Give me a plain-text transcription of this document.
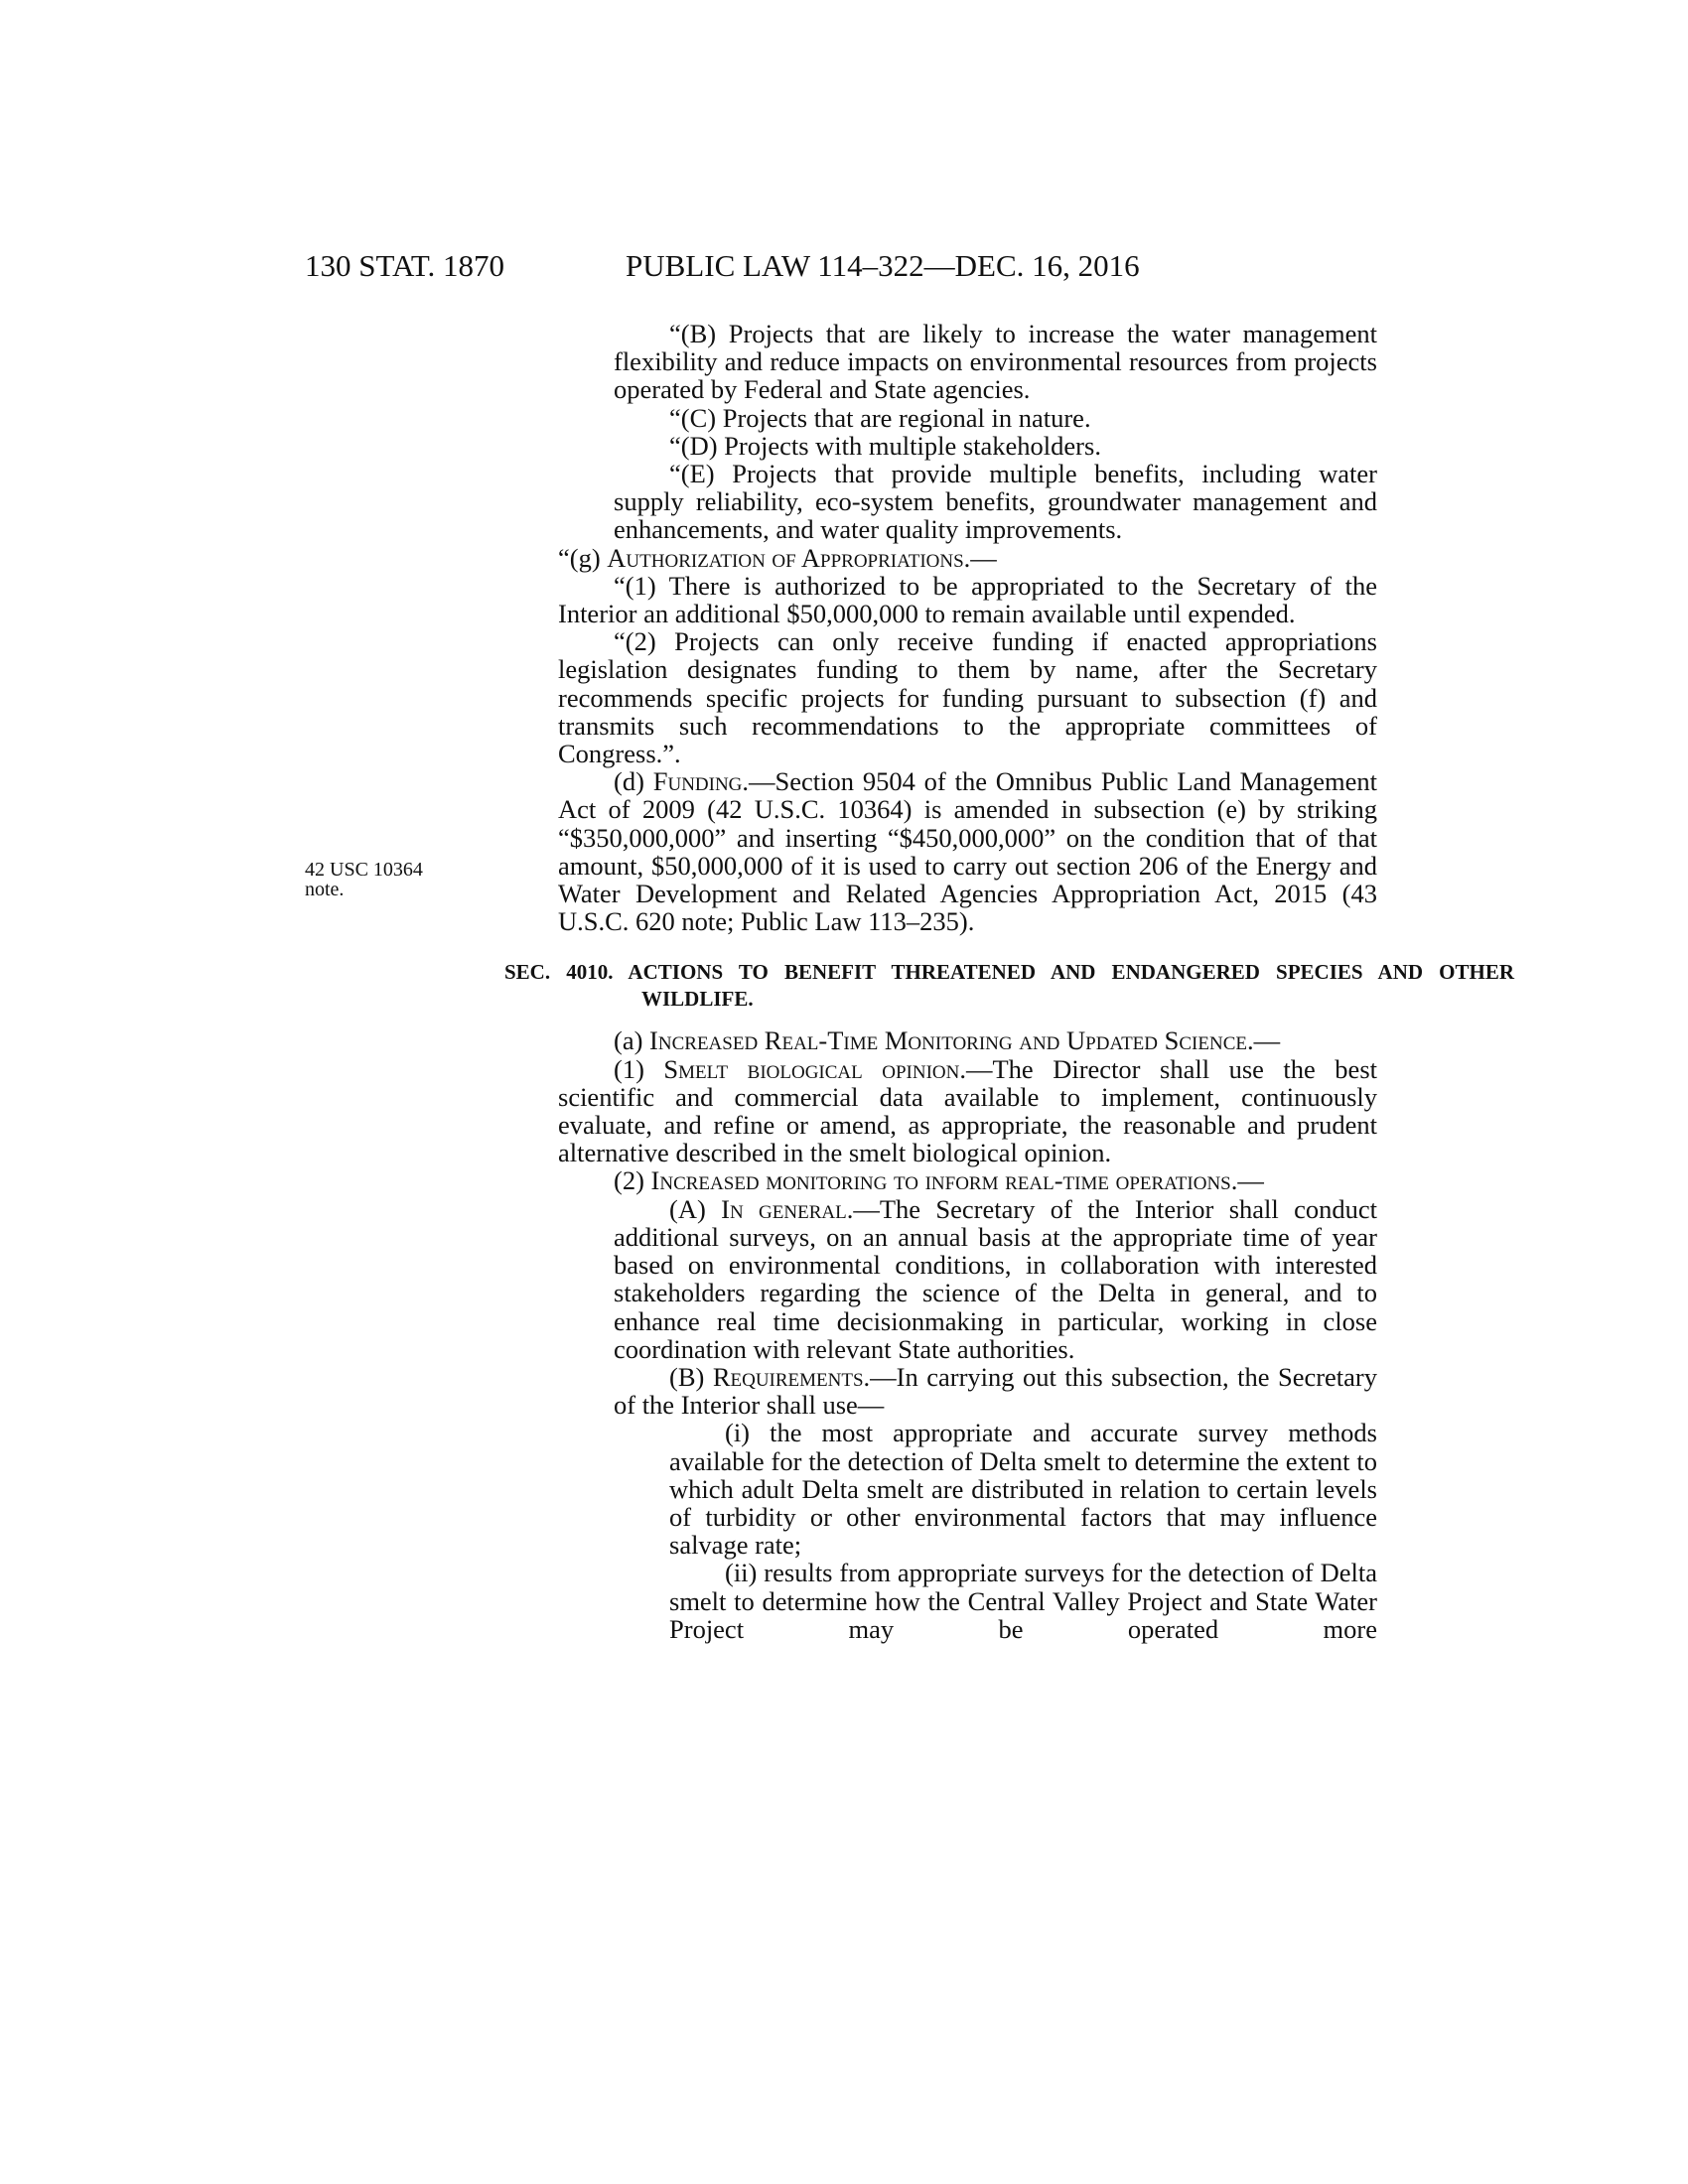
130 STAT. 1870	PUBLIC LAW 114–322—DEC. 16, 2016
42 USC 10364
note.

“(B) Projects that are likely to increase the water management flexibility and reduce impacts on environmental resources from projects operated by Federal and State agencies.

“(C) Projects that are regional in nature.

“(D) Projects with multiple stakeholders.

“(E) Projects that provide multiple benefits, including water supply reliability, eco-system benefits, groundwater management and enhancements, and water quality improvements.

“(g) Authorization of Appropriations.—

“(1) There is authorized to be appropriated to the Secretary of the Interior an additional $50,000,000 to remain available until expended.

“(2) Projects can only receive funding if enacted appropriations legislation designates funding to them by name, after the Secretary recommends specific projects for funding pursuant to subsection (f) and transmits such recommendations to the appropriate committees of Congress.”.

(d) Funding.—Section 9504 of the Omnibus Public Land Management Act of 2009 (42 U.S.C. 10364) is amended in subsection (e) by striking “$350,000,000” and inserting “$450,000,000” on the condition that of that amount, $50,000,000 of it is used to carry out section 206 of the Energy and Water Development and Related Agencies Appropriation Act, 2015 (43 U.S.C. 620 note; Public Law 113–235).

SEC. 4010. ACTIONS TO BENEFIT THREATENED AND ENDANGERED SPECIES AND OTHER WILDLIFE.

(a) Increased Real-Time Monitoring and Updated Science.—

(1) Smelt biological opinion.—The Director shall use the best scientific and commercial data available to implement, continuously evaluate, and refine or amend, as appropriate, the reasonable and prudent alternative described in the smelt biological opinion.

(2) Increased monitoring to inform real-time operations.—

(A) In general.—The Secretary of the Interior shall conduct additional surveys, on an annual basis at the appropriate time of year based on environmental conditions, in collaboration with interested stakeholders regarding the science of the Delta in general, and to enhance real time decisionmaking in particular, working in close coordination with relevant State authorities.

(B) Requirements.—In carrying out this subsection, the Secretary of the Interior shall use—

(i) the most appropriate and accurate survey methods available for the detection of Delta smelt to determine the extent to which adult Delta smelt are distributed in relation to certain levels of turbidity or other environmental factors that may influence salvage rate;

(ii) results from appropriate surveys for the detection of Delta smelt to determine how the Central Valley Project and State Water Project may be operated more
